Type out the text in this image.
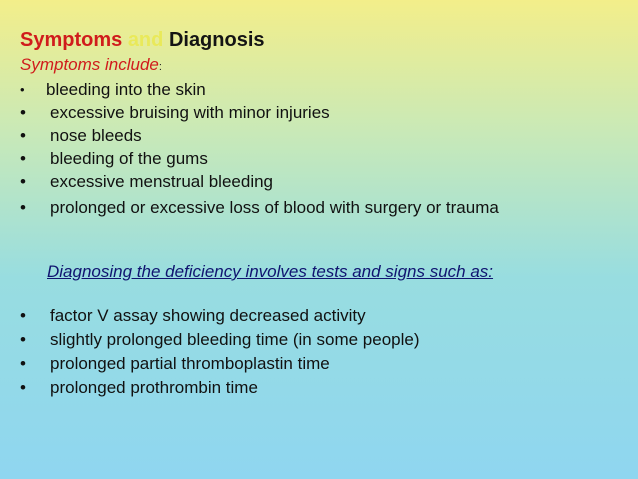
Symptoms and Diagnosis
Symptoms include:
•	bleeding into the skin
•	excessive bruising with minor injuries
•	nose bleeds
•	bleeding of the gums
•	excessive menstrual bleeding
•	prolonged or excessive loss of blood with surgery or trauma
Diagnosing the deficiency involves tests and signs such as:
•	factor V assay showing decreased activity
•	slightly prolonged bleeding time (in some people)
•	prolonged partial thromboplastin time
•	prolonged prothrombin time
